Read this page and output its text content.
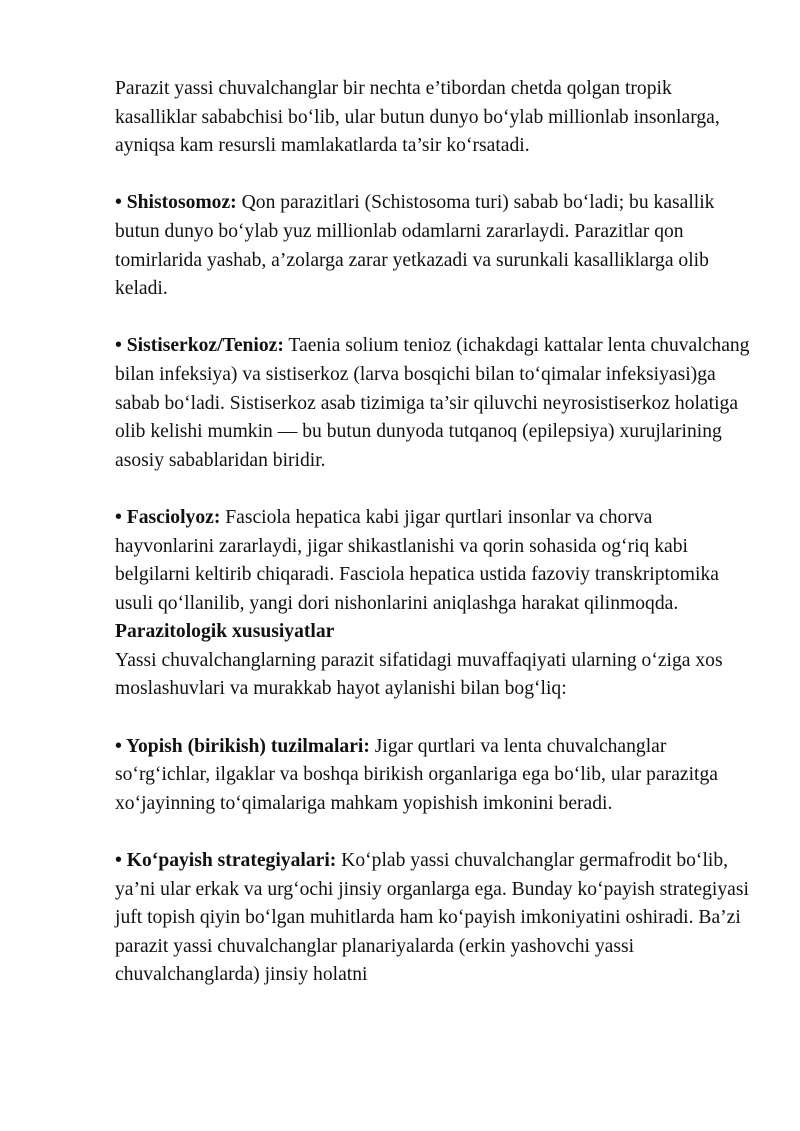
Parazit yassi chuvalchanglar bir nechta e’tibordan chetda qolgan tropik kasalliklar sababchisi bo‘lib, ular butun dunyo bo‘ylab millionlab insonlarga, ayniqsa kam resursli mamlakatlarda ta’sir ko‘rsatadi.

• Shistosomoz: Qon parazitlari (Schistosoma turi) sabab bo‘ladi; bu kasallik butun dunyo bo‘ylab yuz millionlab odamlarni zararlaydi. Parazitlar qon tomirlarida yashab, a’zolarga zarar yetkazadi va surunkali kasalliklarga olib keladi.

• Sistiserkoz/Tenioz: Taenia solium tenioz (ichakdagi kattalar lenta chuvalchang bilan infeksiya) va sistiserkoz (larva bosqichi bilan to‘qimalar infeksiyasi)ga sabab bo‘ladi. Sistiserkoz asab tizimiga ta’sir qiluvchi neyrosistiserkoz holatiga olib kelishi mumkin — bu butun dunyoda tutqanoq (epilepsiya) xurujlarining asosiy sabablaridan biridir.

• Fasciolyoz: Fasciola hepatica kabi jigar qurtlari insonlar va chorva hayvonlarini zararlaydi, jigar shikastlanishi va qorin sohasida og‘riq kabi belgilarni keltirib chiqaradi. Fasciola hepatica ustida fazoviy transkriptomika usuli qo‘llanilib, yangi dori nishonlarini aniqlashga harakat qilinmoqda.

Parazitologik xususiyatlar

Yassi chuvalchanglarning parazit sifatidagi muvaffaqiyati ularning o‘ziga xos moslashuvlari va murakkab hayot aylanishi bilan bog‘liq:

• Yopish (birikish) tuzilmalari: Jigar qurtlari va lenta chuvalchanglar so‘rg‘ichlar, ilgaklar va boshqa birikish organlariga ega bo‘lib, ular parazitga xo‘jayinning to‘qimalariga mahkam yopishish imkonini beradi.

• Ko‘payish strategiyalari: Ko‘plab yassi chuvalchanglar germafrodit bo‘lib, ya’ni ular erkak va urg‘ochi jinsiy organlarga ega. Bunday ko‘payish strategiyasi juft topish qiyin bo‘lgan muhitlarda ham ko‘payish imkoniyatini oshiradi. Ba’zi parazit yassi chuvalchanglar planariyalarda (erkin yashovchi yassi chuvalchanglarda) jinsiy holatni
